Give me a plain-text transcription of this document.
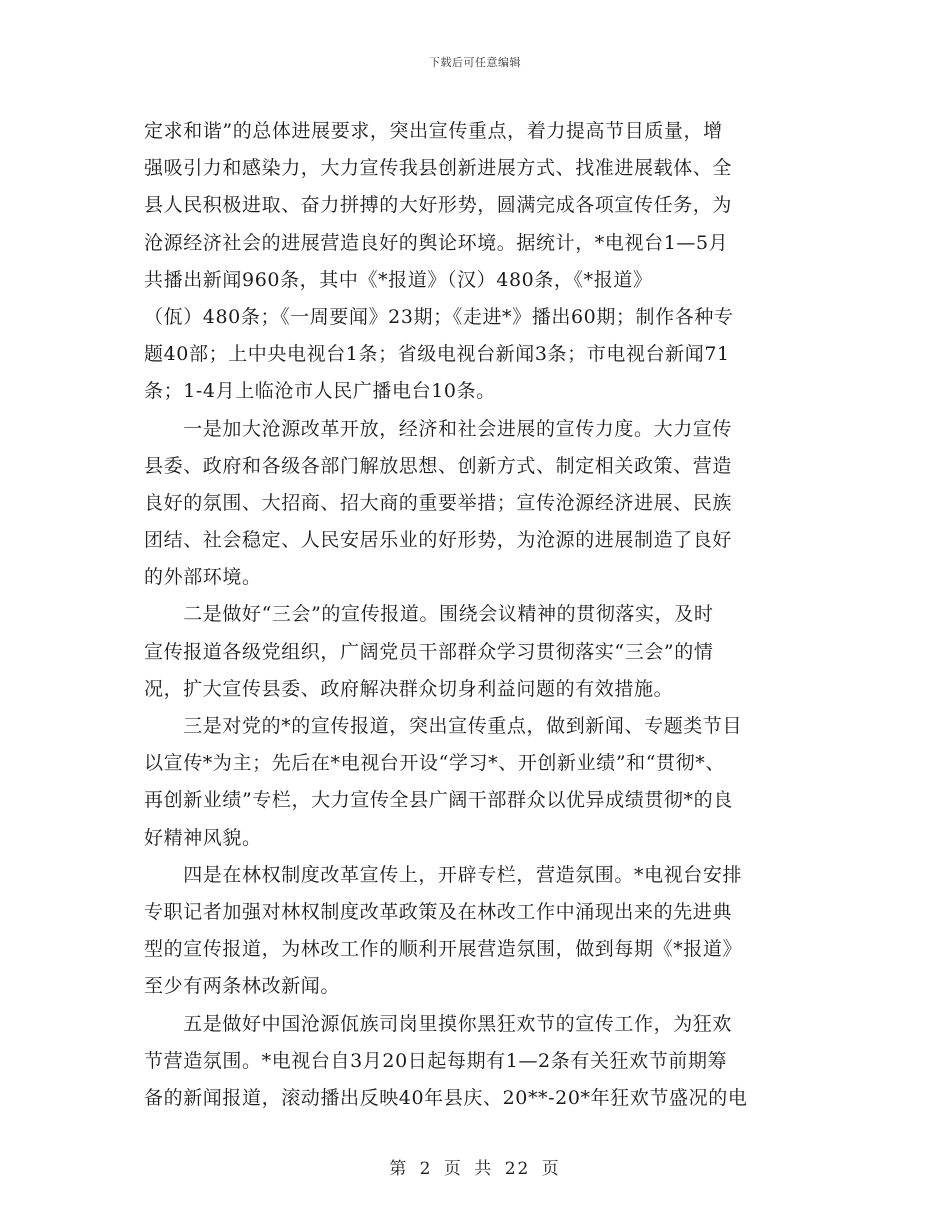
下载后可任意编辑
定求和谐”的总体进展要求，突出宣传重点，着力提高节目质量，增
强吸引力和感染力，大力宣传我县创新进展方式、找准进展载体、全
县人民积极进取、奋力拼搏的大好形势，圆满完成各项宣传任务，为
沧源经济社会的进展营造良好的舆论环境。据统计，*电视台1—5月
共播出新闻960条，其中《*报道》（汉）480条，《*报道》
（佤）480条；《一周要闻》23期；《走进*》播出60期；制作各种专
题40部；上中央电视台1条；省级电视台新闻3条；市电视台新闻71
条；1-4月上临沧市人民广播电台10条。
　　一是加大沧源改革开放，经济和社会进展的宣传力度。大力宣传
县委、政府和各级各部门解放思想、创新方式、制定相关政策、营造
良好的氛围、大招商、招大商的重要举措；宣传沧源经济进展、民族
团结、社会稳定、人民安居乐业的好形势，为沧源的进展制造了良好
的外部环境。
　　二是做好“三会”的宣传报道。围绕会议精神的贯彻落实，及时
宣传报道各级党组织，广阔党员干部群众学习贯彻落实“三会”的情
况，扩大宣传县委、政府解决群众切身利益问题的有效措施。
　　三是对党的*的宣传报道，突出宣传重点，做到新闻、专题类节目
以宣传*为主；先后在*电视台开设“学习*、开创新业绩”和“贯彻*、
再创新业绩”专栏，大力宣传全县广阔干部群众以优异成绩贯彻*的良
好精神风貌。
　　四是在林权制度改革宣传上，开辟专栏，营造氛围。*电视台安排
专职记者加强对林权制度改革政策及在林改工作中涌现出来的先进典
型的宣传报道，为林改工作的顺利开展营造氛围，做到每期《*报道》
至少有两条林改新闻。
　　五是做好中国沧源佤族司岗里摸你黑狂欢节的宣传工作，为狂欢
节营造氛围。*电视台自3月20日起每期有1—2条有关狂欢节前期筹
备的新闻报道，滚动播出反映40年县庆、20**-20*年狂欢节盛况的电
第 2 页 共 22 页
